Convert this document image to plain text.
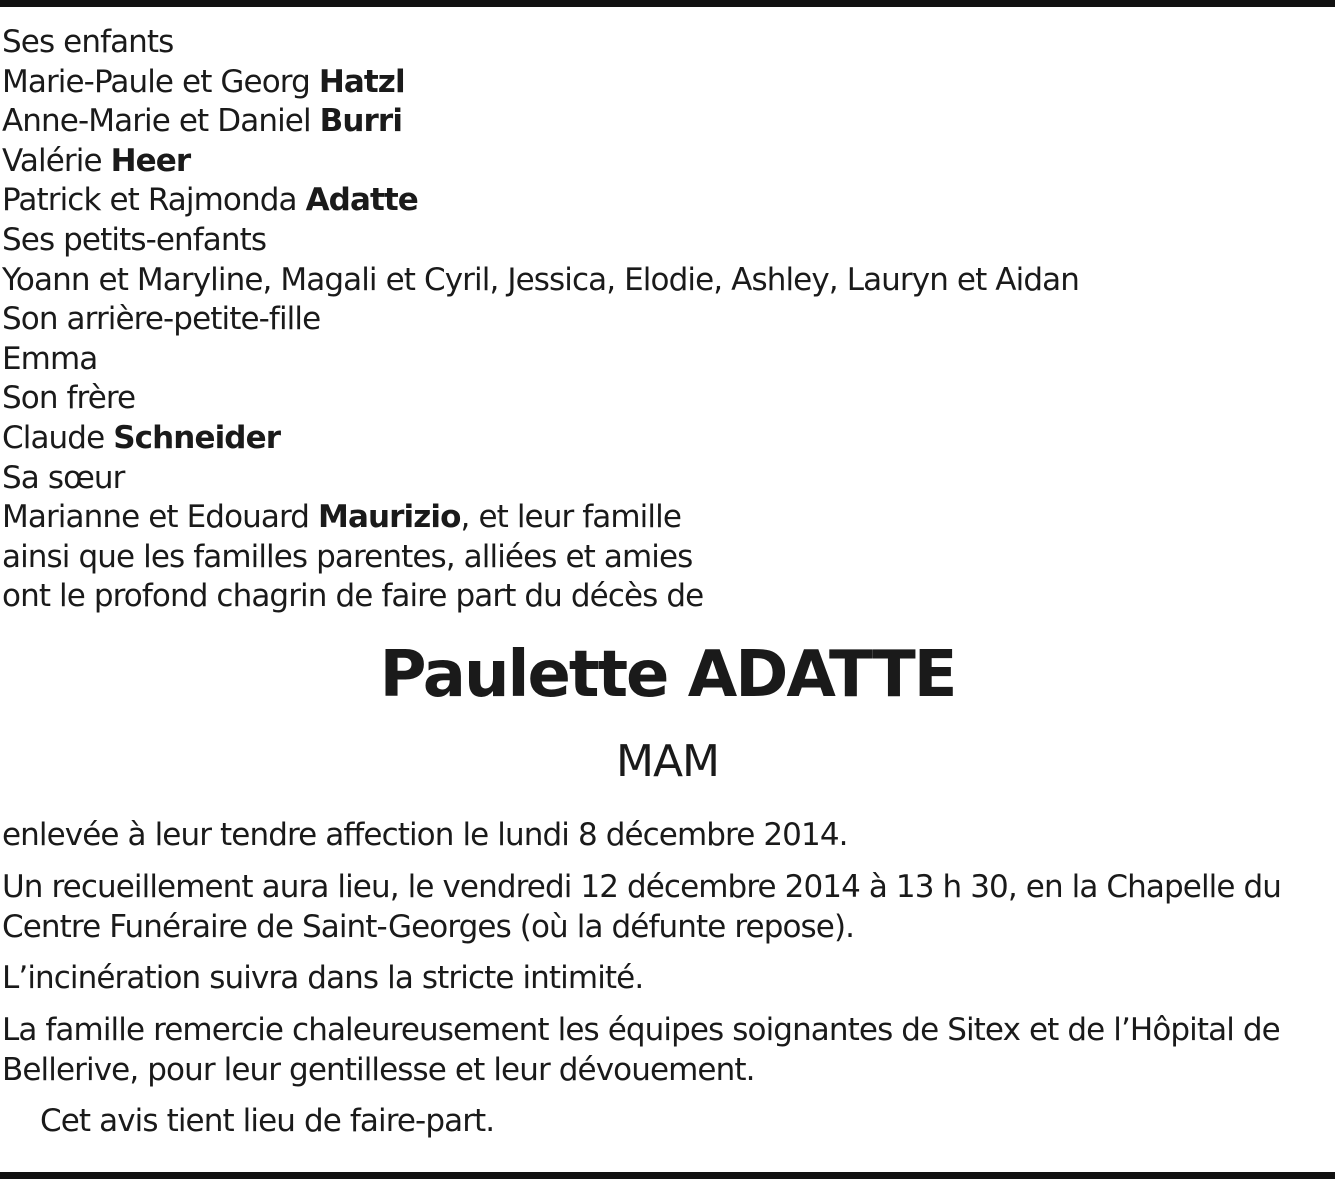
Ses enfants
Marie-Paule et Georg Hatzl
Anne-Marie et Daniel Burri
Valérie Heer
Patrick et Rajmonda Adatte
Ses petits-enfants
Yoann et Maryline, Magali et Cyril, Jessica, Elodie, Ashley, Lauryn et Aidan
Son arrière-petite-fille
Emma
Son frère
Claude Schneider
Sa sœur
Marianne et Edouard Maurizio, et leur famille
ainsi que les familles parentes, alliées et amies
ont le profond chagrin de faire part du décès de
Paulette ADATTE
MAM
enlevée à leur tendre affection le lundi 8 décembre 2014.
Un recueillement aura lieu, le vendredi 12 décembre 2014 à 13 h 30, en la Chapelle du
Centre Funéraire de Saint-Georges (où la défunte repose).
L’incinération suivra dans la stricte intimité.
La famille remercie chaleureusement les équipes soignantes de Sitex et de l’Hôpital de
Bellerive, pour leur gentillesse et leur dévouement.
Cet avis tient lieu de faire-part.
